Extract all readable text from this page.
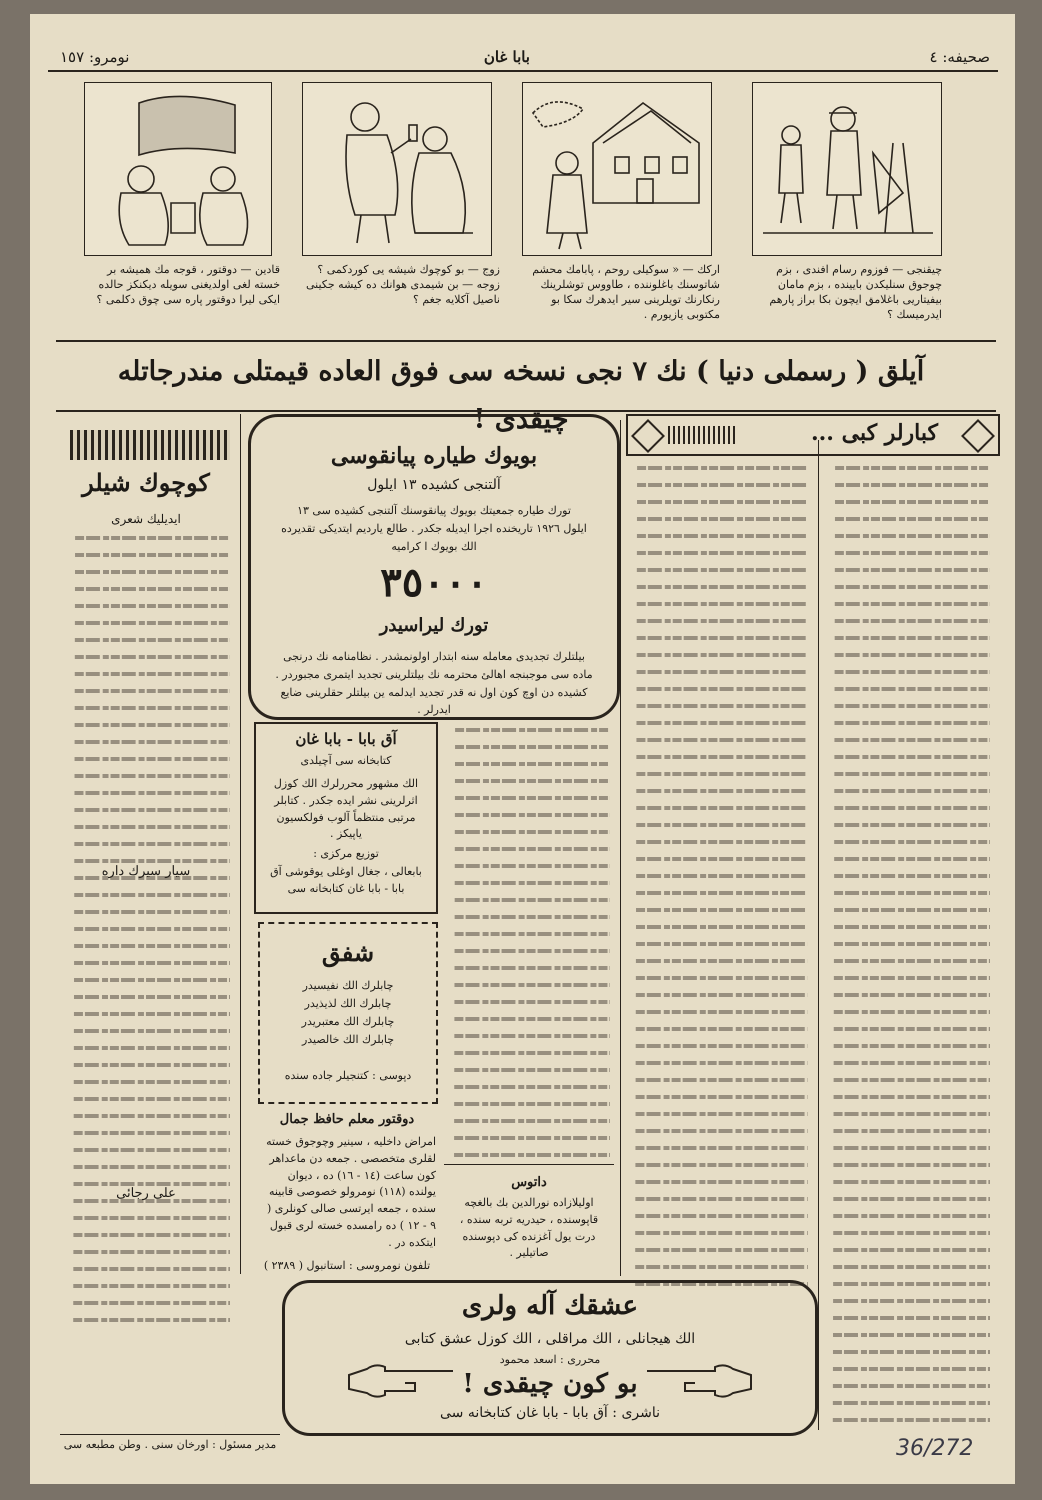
صحیفه: ٤
بابا غان
نومرو: ١٥٧
چیقنجی — فوزوم رسام افندی ، بزم چوجوق سنلیکدن بایینده ، بزم مامان بیفیتاریی باغلامق ایچون بکا براز پارهم ایدرمیسك ؟
ارکك — « سوکیلی روحم ، پابامك محشم شاتوسنك باغلوننده ، طاووس توشلرینك رنکارنك تویلرینی سیر ایدهرك سکا بو مکتوبی یازیورم .
زوج — بو کوچوك شیشه یی کوردکمی ؟ زوجه — بن شیمدی هوانك ده کیشه جکینی ناصیل آکلایه جغم ؟
قادین — دوقتور ، قوجه مك همیشه بر خسته لغی اولدیغنی سویله دیکنکز حالده ایکی لیرا دوقتور پاره سی چوق دکلمی ؟
آیلق ( رسملی دنیا ) نك ٧ نجی نسخه سی فوق العاده قیمتلی مندرجاتله چیقدی !	کبارلر کبی ...
بویوك طیاره پیانقوسی
آلتنجی کشیده ١٣ ایلول
تورك طیاره جمعیتك بویوك پیانقوسنك آلتنجی کشیده سی ١٣
ایلول ١٩٢٦ تاریخنده اجرا ایدیله جکدر . طالع یاردیم ایتدیکی تقدیرده
الك بویوك ا کرامیه
٣٥٠٠٠
تورك لیراسیدر
بیلتلرك تجدیدی معامله سنه ابتدار اولونمشدر . نظامنامه نك درنجی
ماده سی موجبنجه اهالئ محترمه نك بیلتلرینی تجدید ایتمری مجبوردر .
کشیده دن اوچ کون اول نه قدر تجدید ایدلمه ین بیلتلر حقلرینی ضایع ایدرلر .
کوچوك شیلر
ایدیلیك شعری
سیار سیرك داره
علی رجائی
آق بابا - بابا غان
کتابخانه سی آچیلدی
الك مشهور محررلرك الك کوزل اثرلرینی نشر ایده جکدر . کتابلر مرتبی منتظماً آلوب فولکسیون یاپیکز .
توزیع مرکزی :
بابعالی ، جغال اوغلی یوقوشی آق بابا - بابا غان کتابخانه سی
شفق
چابلرك الك نفیسیدر
چابلرك الك لذیذیدر
چابلرك الك معتبریدر
چابلرك الك خالصیدر
دپوسی : کتنجیلر جاده سنده
دوقتور معلم حافظ جمال
امراض داخلیه ، سینیر وچوجوق خسته لقلری متخصصی . جمعه دن ماعداهر کون ساعت (١٤ - ١٦) ده ، دیوان یولنده (١١٨) نومرولو خصوصی قابینه سنده ، جمعه ایرتسی صالی کونلری ( ٩ - ١٢ ) ده رامسده خسته لری قبول ایتکده در .
تلفون نومروسی : استانبول ( ٢٣٨٩ )
داتوس
اوليلازاده نورالدین بك بالغچه قاپوسنده ، حیدریه تربه سنده ، درت یول آغزنده کی دپوسنده صاتیلیر .
عشقك آله ولری
الك هیجانلی ، الك مراقلی ، الك کوزل عشق کتابی
محرری : اسعد محمود
بو کون چیقدی !
ناشری : آق بابا - بابا غان کتابخانه سی
مدیر مسئول : اورخان سنی . وطن مطبعه سی	36/272
